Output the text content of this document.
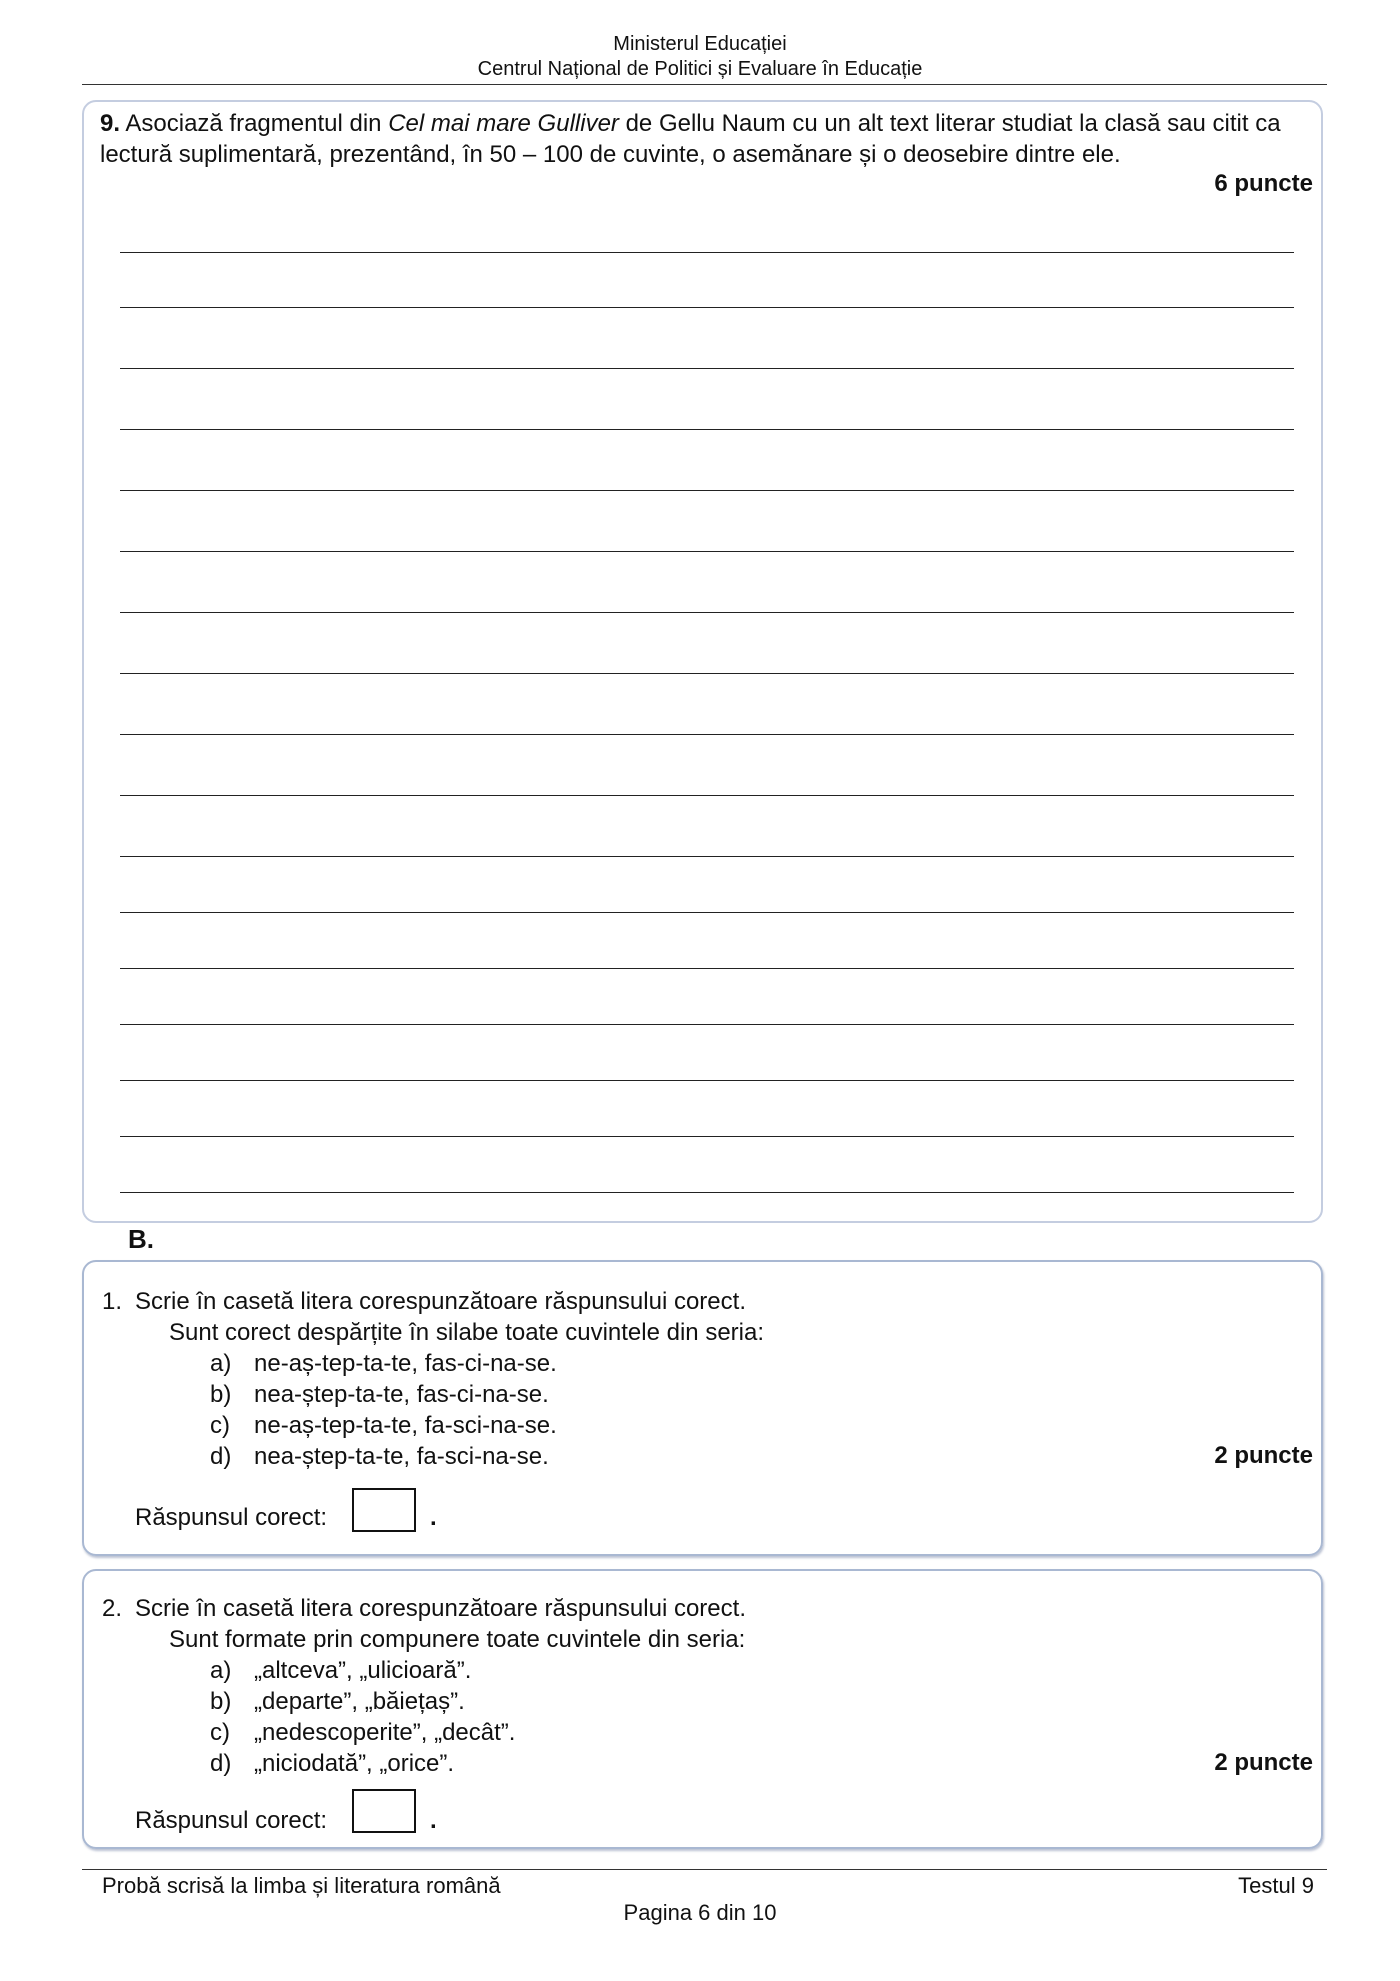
Ministerul Educației
Centrul Național de Politici și Evaluare în Educație
9. Asociază fragmentul din Cel mai mare Gulliver de Gellu Naum cu un alt text literar studiat la clasă sau citit ca lectură suplimentară, prezentând, în 50 – 100 de cuvinte, o asemănare și o deosebire dintre ele.
6 puncte
B.
1. Scrie în casetă litera corespunzătoare răspunsului corect.
Sunt corect despărțite în silabe toate cuvintele din seria:
a) ne-aș-tep-ta-te, fas-ci-na-se.
b) nea-ștep-ta-te, fas-ci-na-se.
c) ne-aș-tep-ta-te, fa-sci-na-se.
d) nea-ștep-ta-te, fa-sci-na-se.	2 puncte
Răspunsul corect:	.
2. Scrie în casetă litera corespunzătoare răspunsului corect.
Sunt formate prin compunere toate cuvintele din seria:
a) „altceva”, „ulicioară”.
b) „departe”, „băiețaș”.
c) „nedescoperite”, „decât”.
d) „niciodată”, „orice”.	2 puncte
Răspunsul corect:	.
Probă scrisă la limba și literatura română	Testul 9
Pagina 6 din 10
